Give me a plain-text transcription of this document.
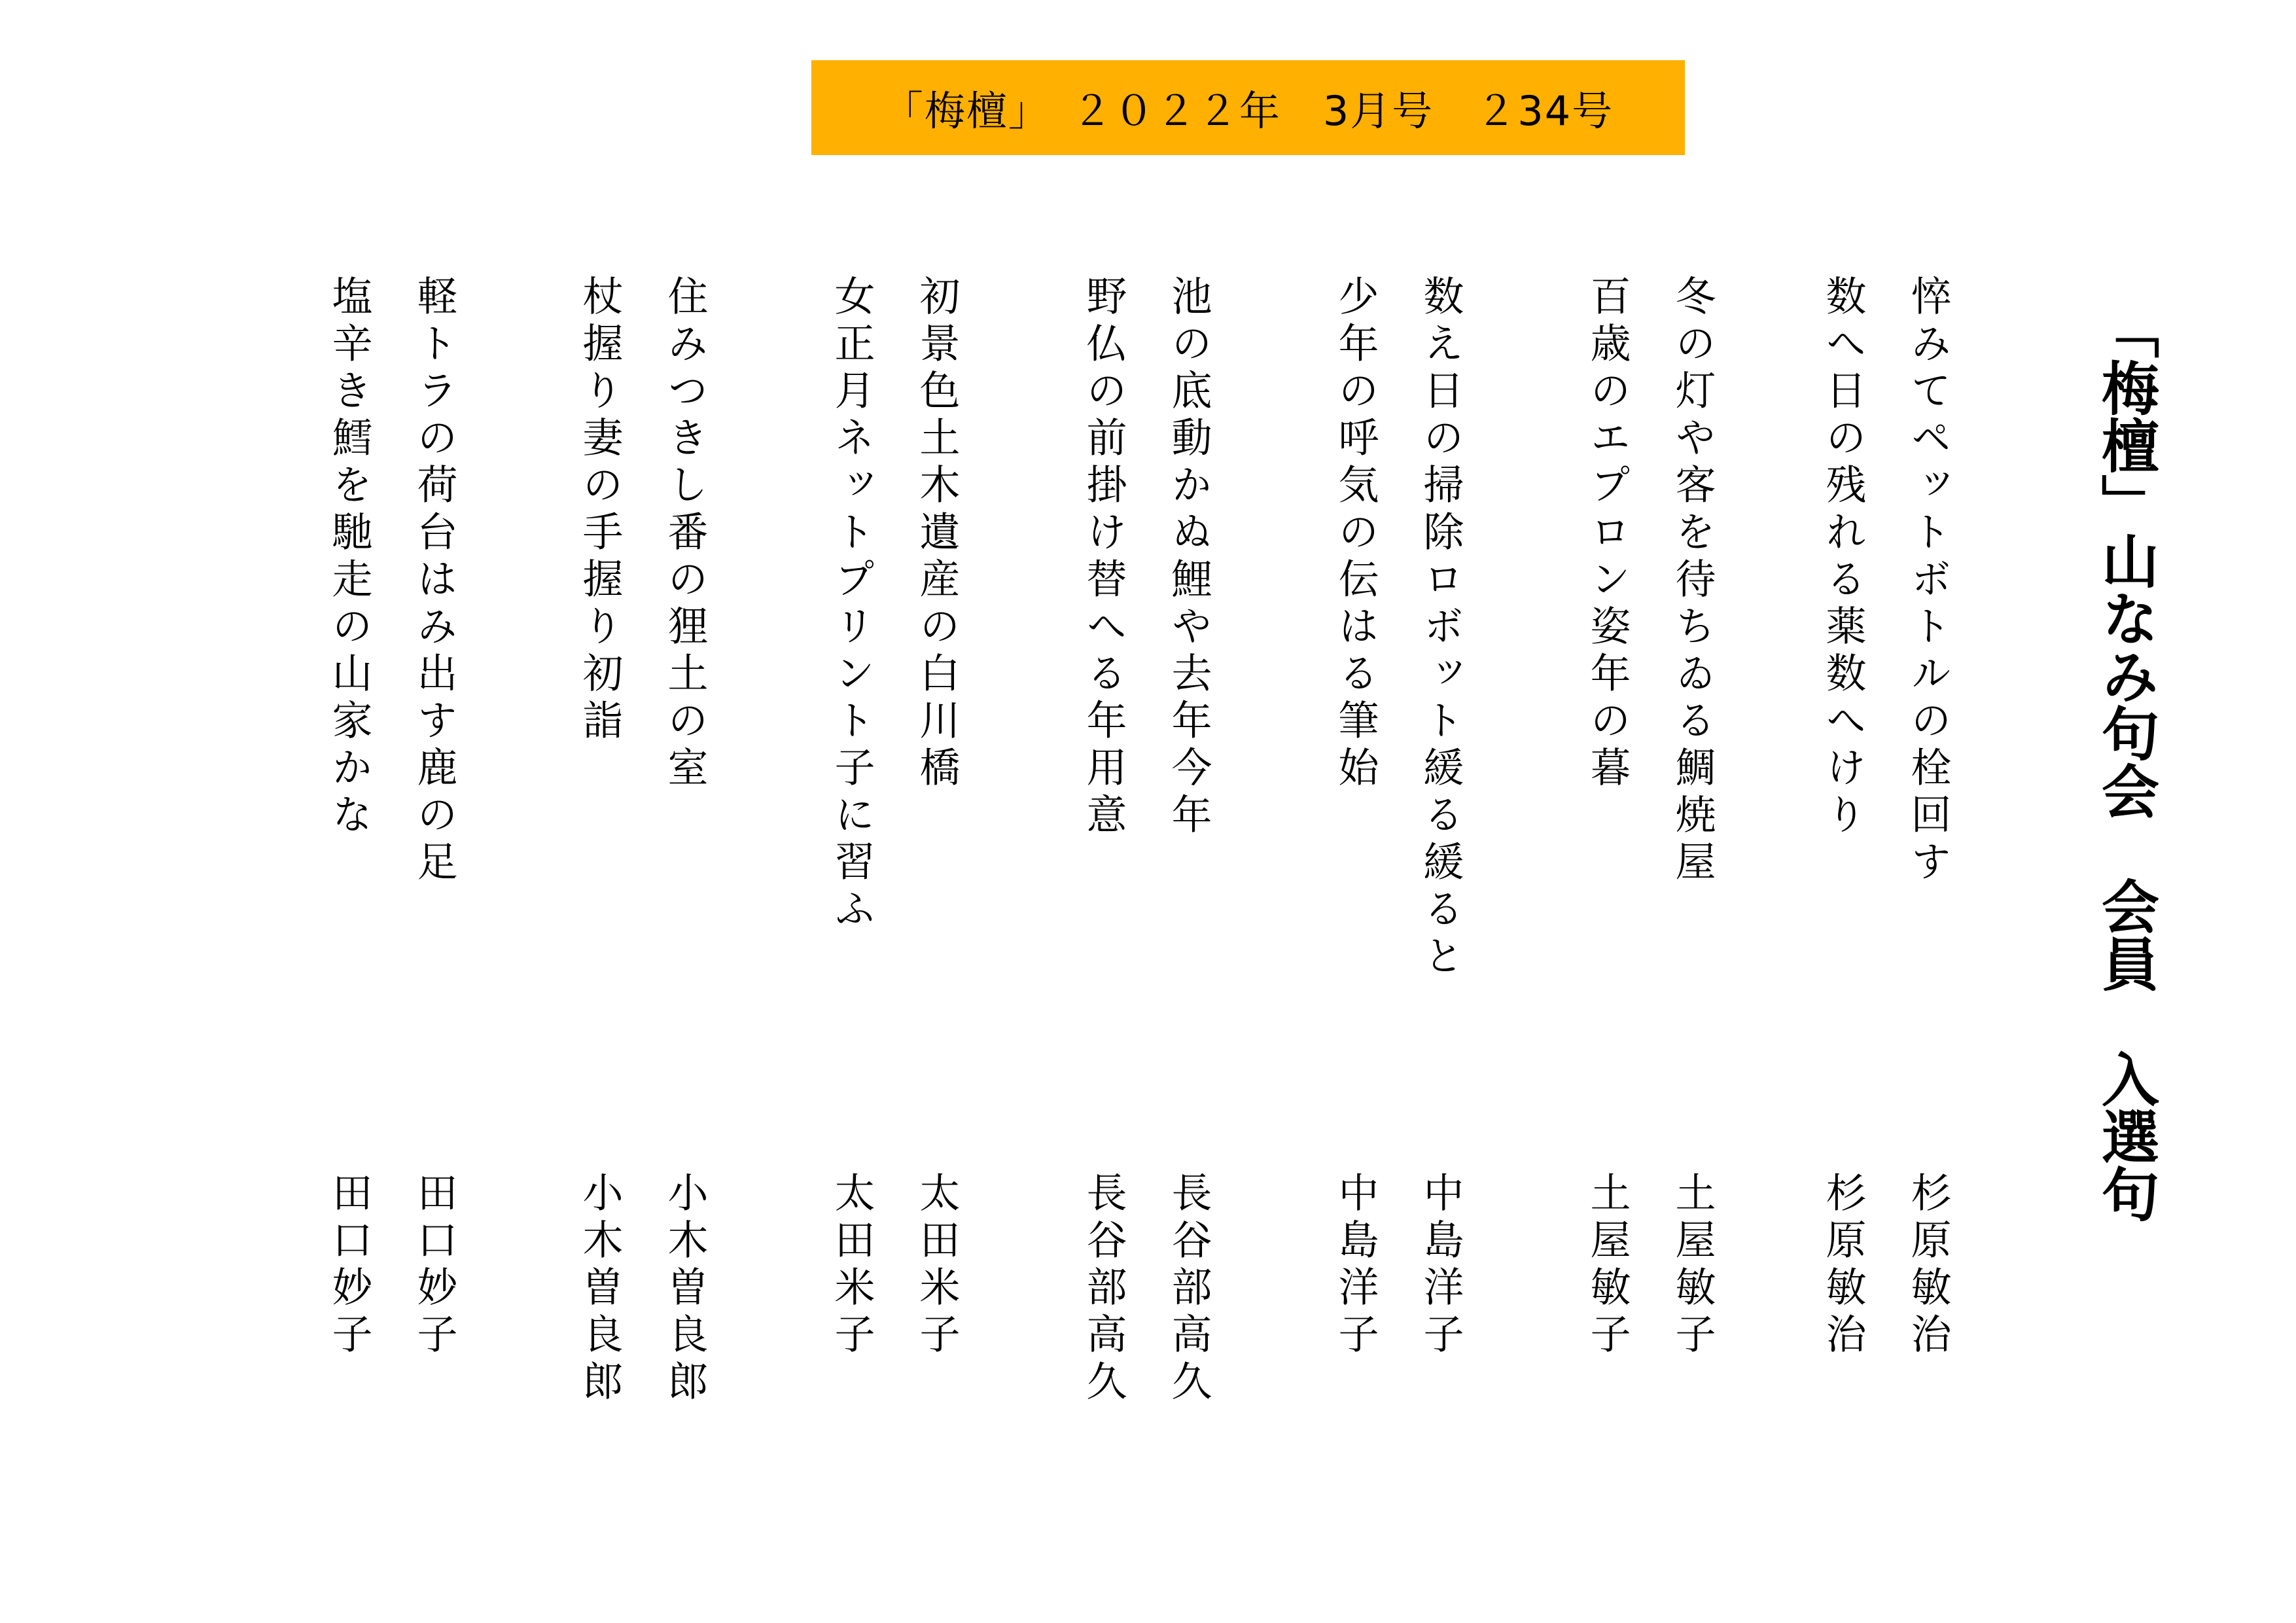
「梅檀」　２０２２年　3月号　２34号
「梅檀」山なみ句会　会員　入選句

悴みてペットボトルの栓回す

数へ日の残れる薬数へけり

冬の灯や客を待ちゐる鯛焼屋

百歳のエプロン姿年の暮

数え日の掃除ロボット緩る緩ると

少年の呼気の伝はる筆始

池の底動かぬ鯉や去年今年

野仏の前掛け替へる年用意

初景色土木遺産の白川橋

女正月ネットプリント子に習ふ

住みつきし番の狸土の室

杖握り妻の手握り初詣

軽トラの荷台はみ出す鹿の足

塩辛き鱈を馳走の山家かな

杉原敏治

杉原敏治

土屋敏子

土屋敏子

中島洋子

中島洋子

長谷部高久

長谷部高久

太田米子

太田米子

小木曽良郎

小木曽良郎

田口妙子

田口妙子
